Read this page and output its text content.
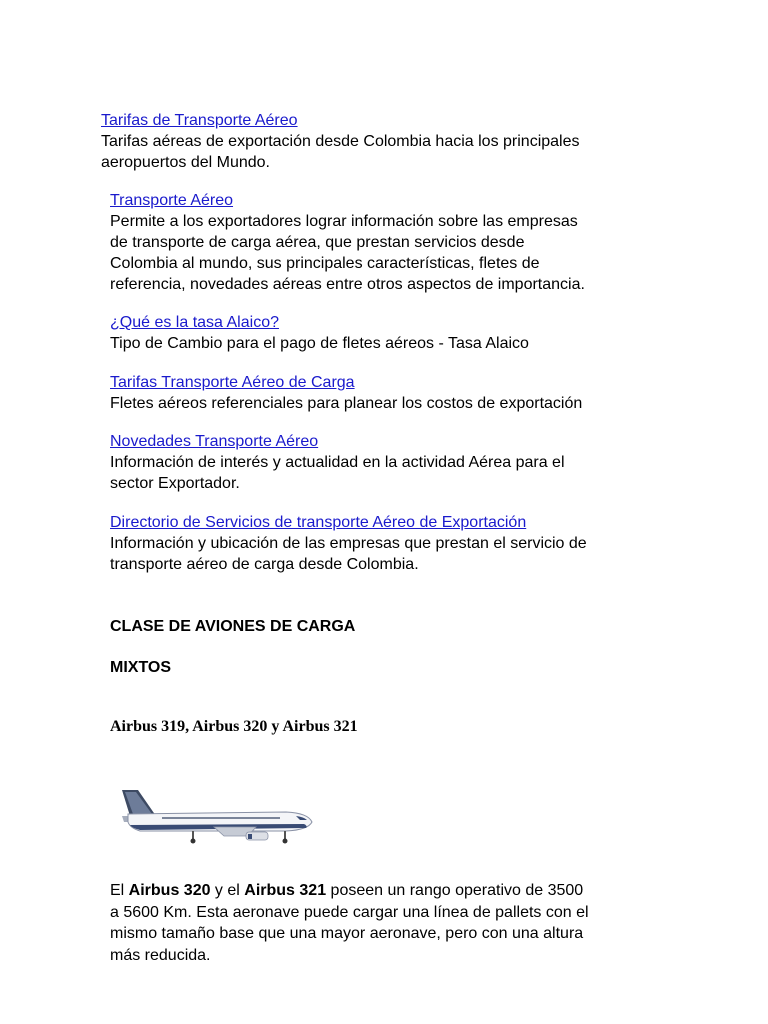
Tarifas de Transporte Aéreo
Tarifas aéreas de exportación desde Colombia hacia los principales
aeropuertos del Mundo.
Transporte Aéreo
Permite a los exportadores lograr información sobre las empresas
de transporte de carga aérea, que prestan servicios desde
Colombia al mundo, sus principales características, fletes de
referencia, novedades aéreas entre otros aspectos de importancia.
¿Qué es la tasa Alaico?
Tipo de Cambio para el pago de fletes aéreos - Tasa Alaico
Tarifas Transporte Aéreo de Carga
Fletes aéreos referenciales para planear los costos de exportación
Novedades Transporte Aéreo
Información de interés y actualidad en la actividad Aérea para el
sector Exportador.
Directorio de Servicios de transporte Aéreo de Exportación
Información y ubicación de las empresas que prestan el servicio de
transporte aéreo de carga desde Colombia.
CLASE DE AVIONES DE CARGA
MIXTOS
Airbus 319, Airbus 320 y Airbus 321
El Airbus 320 y el Airbus 321 poseen un rango operativo de 3500
a 5600 Km. Esta aeronave puede cargar una línea de pallets con el
mismo tamaño base que una mayor aeronave, pero con una altura
más reducida.
